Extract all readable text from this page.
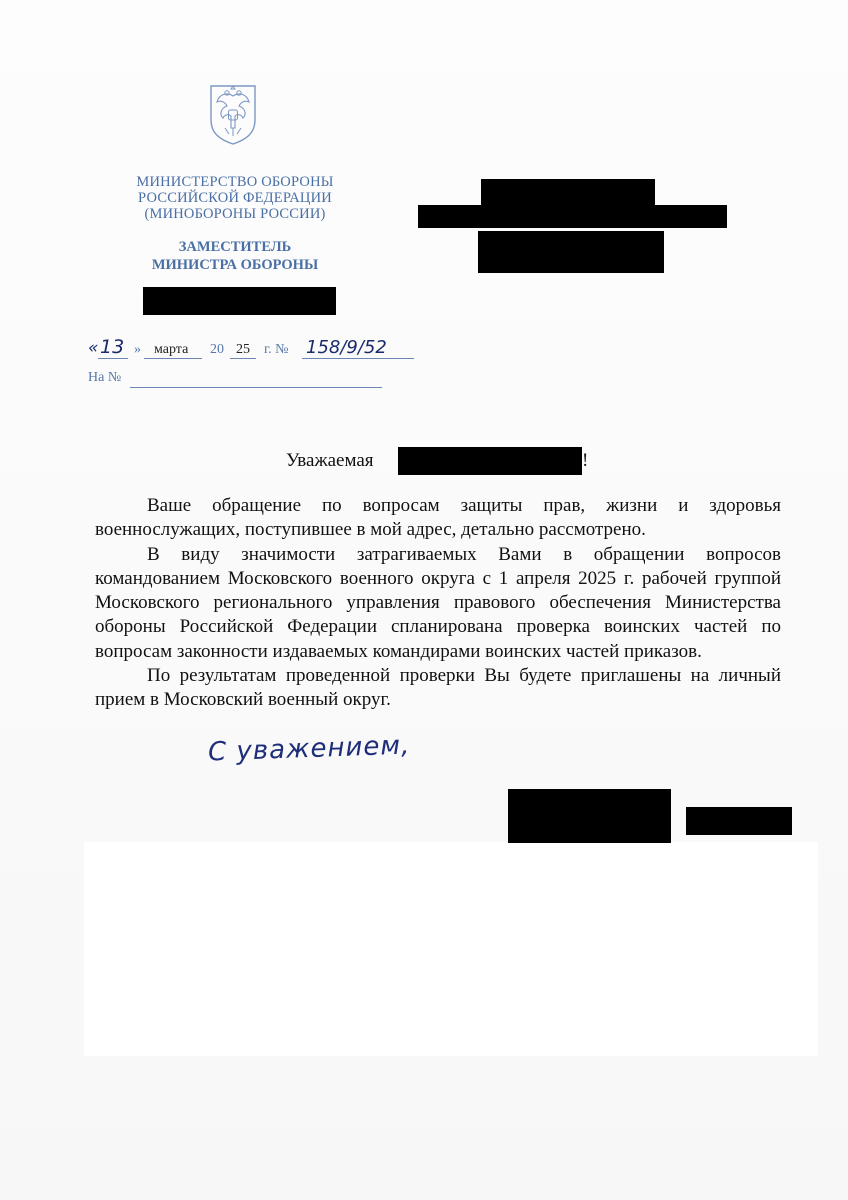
МИНИСТЕРСТВО ОБОРОНЫ
РОССИЙСКОЙ ФЕДЕРАЦИИ
(МИНОБОРОНЫ РОССИИ)
ЗАМЕСТИТЕЛЬ
МИНИСТРА ОБОРОНЫ
« 13 » марта 20 25 г. № 158/9/52
На №
Уважаемая	!

Ваше обращение по вопросам защиты прав, жизни и здоровья военнослужащих, поступившее в мой адрес, детально рассмотрено.

В виду значимости затрагиваемых Вами в обращении вопросов командованием Московского военного округа с 1 апреля 2025 г. рабочей группой Московского регионального управления правового обеспечения Министерства обороны Российской Федерации спланирована проверка воинских частей по вопросам законности издаваемых командирами воинских частей приказов.

По результатам проведенной проверки Вы будете приглашены на личный прием в Московский военный округ.

С уважением,
